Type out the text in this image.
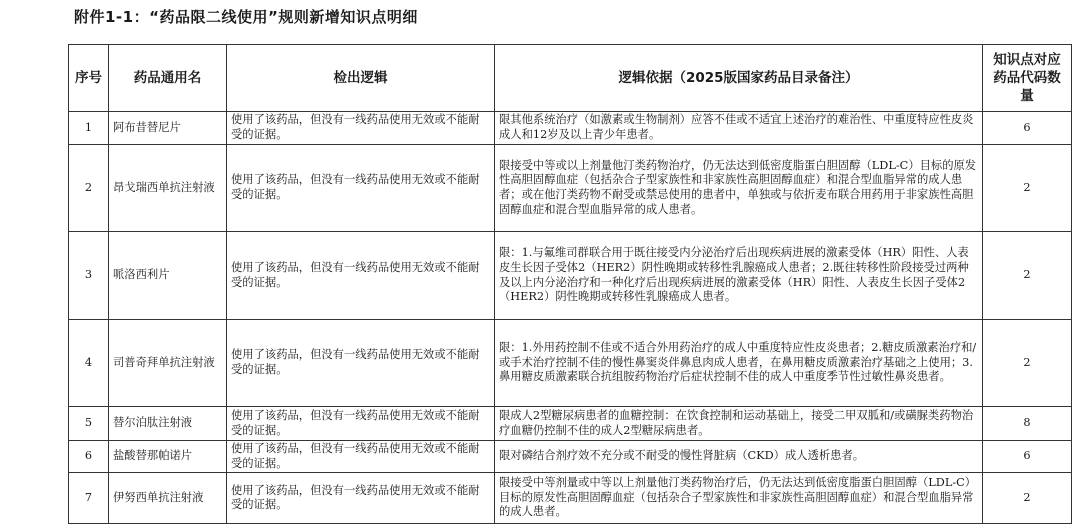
附件1-1：“药品限二线使用”规则新增知识点明细
序号	药品通用名	检出逻辑	逻辑依据（2025版国家药品目录备注）	知识点对应药品代码数量
1	阿布昔替尼片	使用了该药品，但没有一线药品使用无效或不能耐受的证据。	限其他系统治疗（如激素或生物制剂）应答不佳或不适宜上述治疗的难治性、中重度特应性皮炎成人和12岁及以上青少年患者。	6
2	昂戈瑞西单抗注射液	使用了该药品，但没有一线药品使用无效或不能耐受的证据。	限接受中等或以上剂量他汀类药物治疗，仍无法达到低密度脂蛋白胆固醇（LDL-C）目标的原发性高胆固醇血症（包括杂合子型家族性和非家族性高胆固醇血症）和混合型血脂异常的成人患者；或在他汀类药物不耐受或禁忌使用的患者中，单独或与依折麦布联合用药用于非家族性高胆固醇血症和混合型血脂异常的成人患者。	2
3	哌洛西利片	使用了该药品，但没有一线药品使用无效或不能耐受的证据。	限：1.与氟维司群联合用于既往接受内分泌治疗后出现疾病进展的激素受体（HR）阳性、人表皮生长因子受体2（HER2）阴性晚期或转移性乳腺癌成人患者；2.既往转移性阶段接受过两种及以上内分泌治疗和一种化疗后出现疾病进展的激素受体（HR）阳性、人表皮生长因子受体2（HER2）阴性晚期或转移性乳腺癌成人患者。	2
4	司普奇拜单抗注射液	使用了该药品，但没有一线药品使用无效或不能耐受的证据。	限：1.外用药控制不佳或不适合外用药治疗的成人中重度特应性皮炎患者；2.糖皮质激素治疗和/或手术治疗控制不佳的慢性鼻窦炎伴鼻息肉成人患者，在鼻用糖皮质激素治疗基础之上使用；3.鼻用糖皮质激素联合抗组胺药物治疗后症状控制不佳的成人中重度季节性过敏性鼻炎患者。	2
5	替尔泊肽注射液	使用了该药品，但没有一线药品使用无效或不能耐受的证据。	限成人2型糖尿病患者的血糖控制：在饮食控制和运动基础上，接受二甲双胍和/或磺脲类药物治疗血糖仍控制不佳的成人2型糖尿病患者。	8
6	盐酸替那帕诺片	使用了该药品，但没有一线药品使用无效或不能耐受的证据。	限对磷结合剂疗效不充分或不耐受的慢性肾脏病（CKD）成人透析患者。	6
7	伊努西单抗注射液	使用了该药品，但没有一线药品使用无效或不能耐受的证据。	限接受中等剂量或中等以上剂量他汀类药物治疗后，仍无法达到低密度脂蛋白胆固醇（LDL-C）目标的原发性高胆固醇血症（包括杂合子型家族性和非家族性高胆固醇血症）和混合型血脂异常的成人患者。	2
